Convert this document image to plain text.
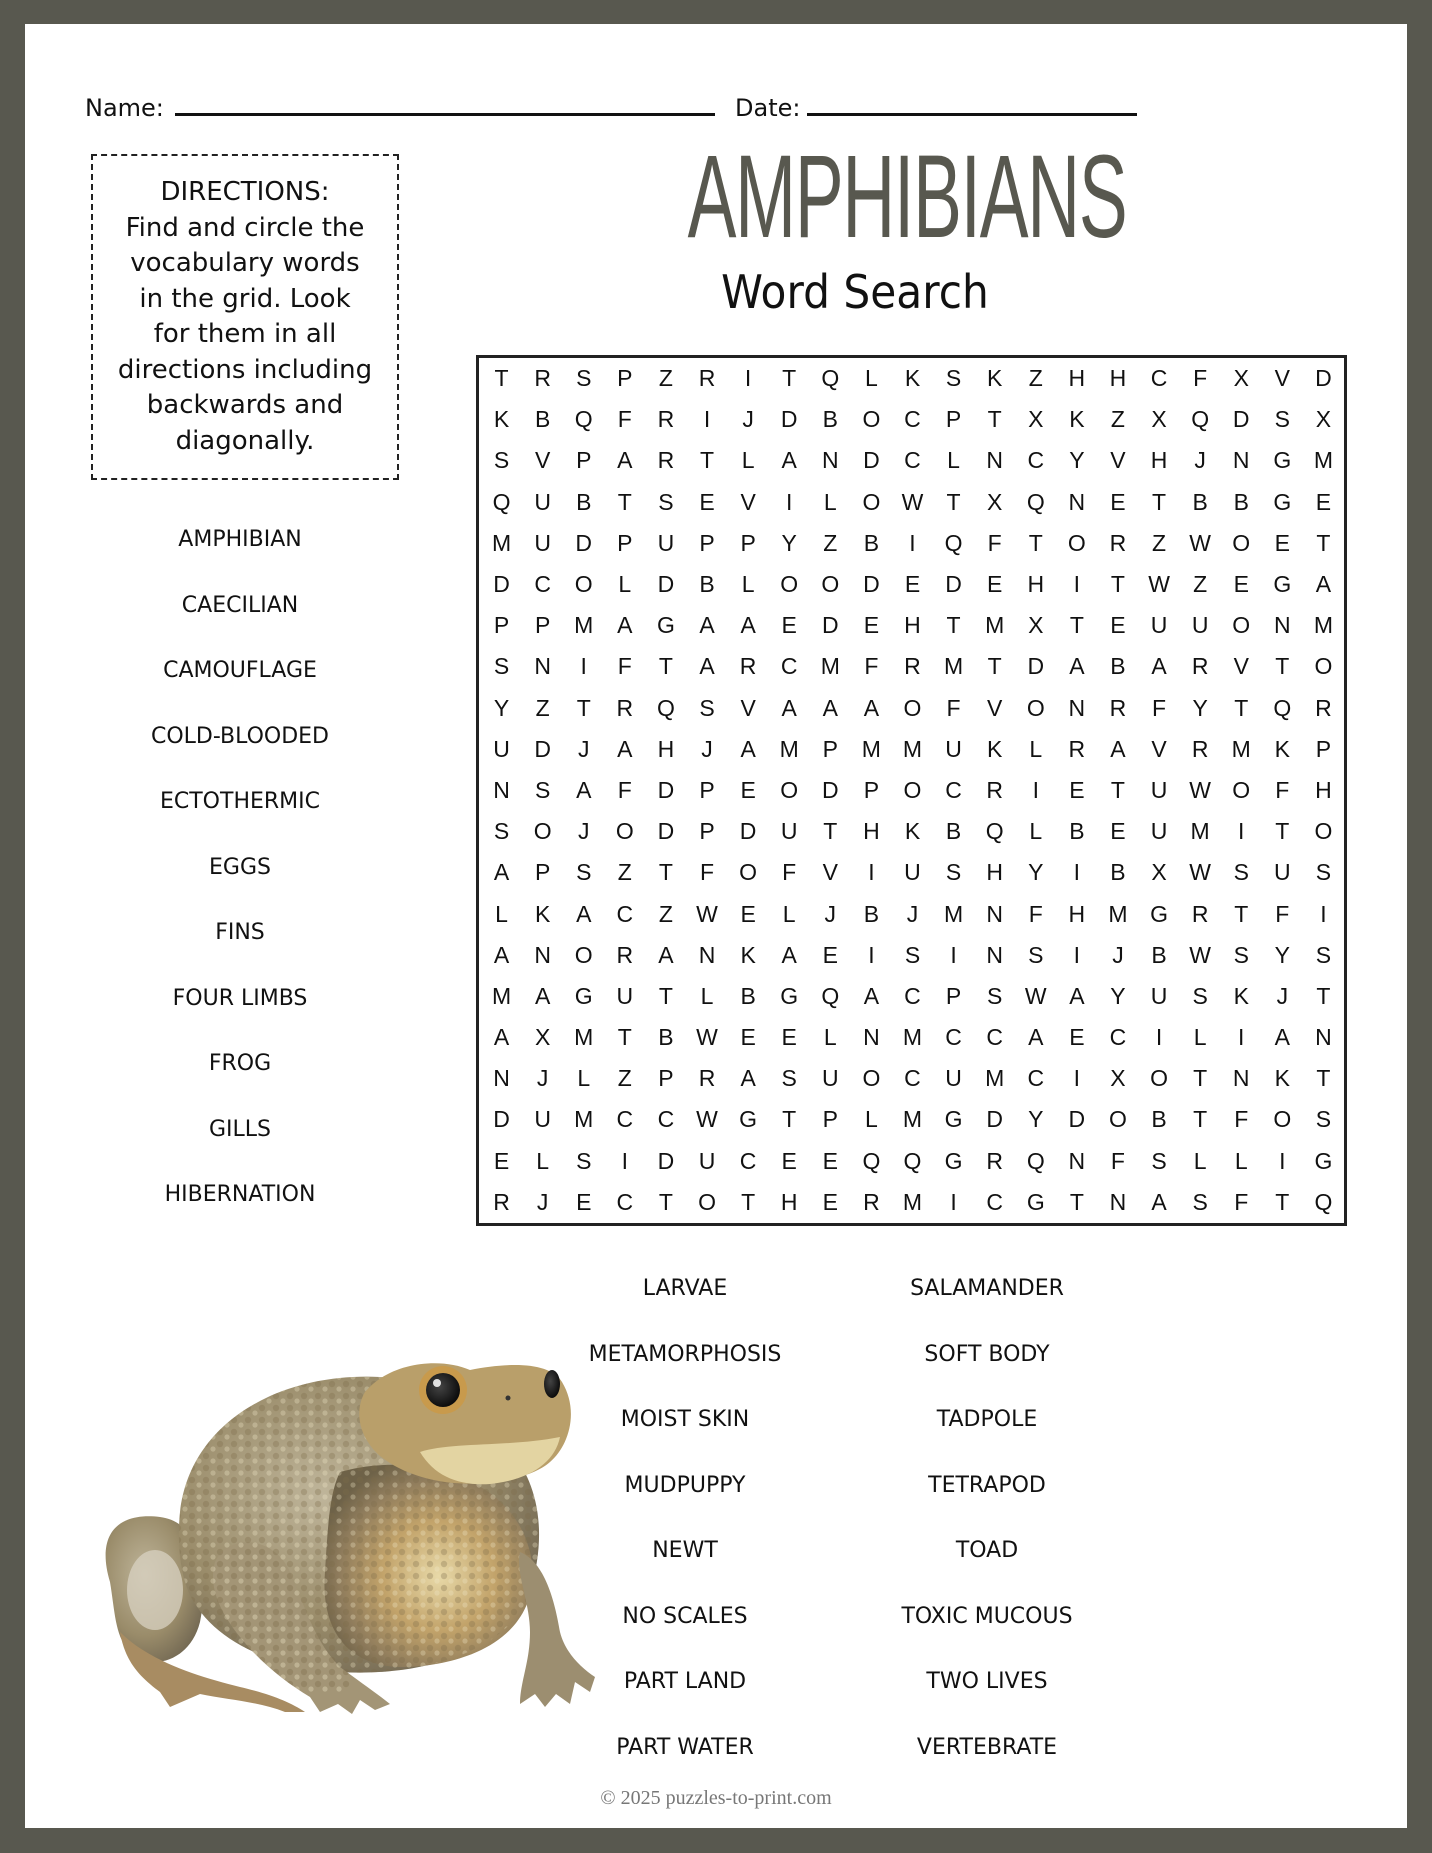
Name:	Date:
DIRECTIONS:
Find and circle the
vocabulary words
in the grid. Look
for them in all
directions including
backwards and
diagonally.
AMPHIBIANS
Word Search
T	R	S	P	Z	R	I	T	Q	L	K	S	K	Z	H	H	C	F	X	V	D
K	B	Q	F	R	I	J	D	B	O	C	P	T	X	K	Z	X	Q	D	S	X
S	V	P	A	R	T	L	A	N	D	C	L	N	C	Y	V	H	J	N	G M
Q	U	B	T	S	E	V	I	L	O W	T	X	Q	N	E	T	B	B	G	E
M	U	D	P	U	P	P	Y	Z	B	I	Q	F	T	O	R	Z	W O	E	T
D	C	O	L	D	B	L	O	O	D	E	D	E	H	I	T	W	Z	E	G	A
P	P	M	A	G	A	A	E	D	E	H	T	M	X	T	E	U	U	O	N	M
S	N	I	F	T	A	R	C	M	F	R	M	T	D	A	B	A	R	V	T	O
Y	Z	T	R	Q	S	V	A	A	A	O	F	V	O	N	R	F	Y	T	Q	R
U	D	J	A	H	J	A	M	P	M M	U	K	L	R	A	V	R	M	K	P
N	S	A	F	D	P	E	O	D	P	O	C	R	I	E	T	U W O	F	H
S	O	J	O	D	P	D	U	T	H	K	B	Q	L	B	E	U	M	I	T	O
A	P	S	Z	T	F	O	F	V	I	U	S	H	Y	I	B	X W S	U	S
L	K	A	C	Z	W E	L	J	B	J	M	N	F	H	M G	R	T	F	I
A	N	O	R	A	N	K	A	E	I	S	I	N	S	I	J	B W S	Y	S
M	A	G	U	T	L	B	G	Q	A	C	P	S W A	Y	U	S	K	J	T
A	X	M	T	B W E	E	L	N	M	C	C	A	E	C	I	L	I	A	N
N	J	L	Z	P	R	A	S	U	O	C	U	M	C	I	X	O	T	N	K	T
D	U	M	C	C W G	T	P	L	M G	D	Y	D	O	B	T	F	O	S
E	L	S	I	D	U	C	E	E	Q	Q	G	R	Q	N	F	S	L	L	I	G
R	J	E	C	T	O	T	H	E	R	M	I	C	G	T	N	A	S	F	T	Q
AMPHIBIAN
CAECILIAN
CAMOUFLAGE
COLD-BLOODED
ECTOTHERMIC
EGGS
FINS
FOUR LIMBS
FROG
GILLS
HIBERNATION
LARVAE
METAMORPHOSIS
MOIST SKIN
MUDPUPPY
NEWT
NO SCALES
PART LAND
PART WATER
SALAMANDER
SOFT BODY
TADPOLE
TETRAPOD
TOAD
TOXIC MUCOUS
TWO LIVES
VERTEBRATE
© 2025 puzzles-to-print.com
